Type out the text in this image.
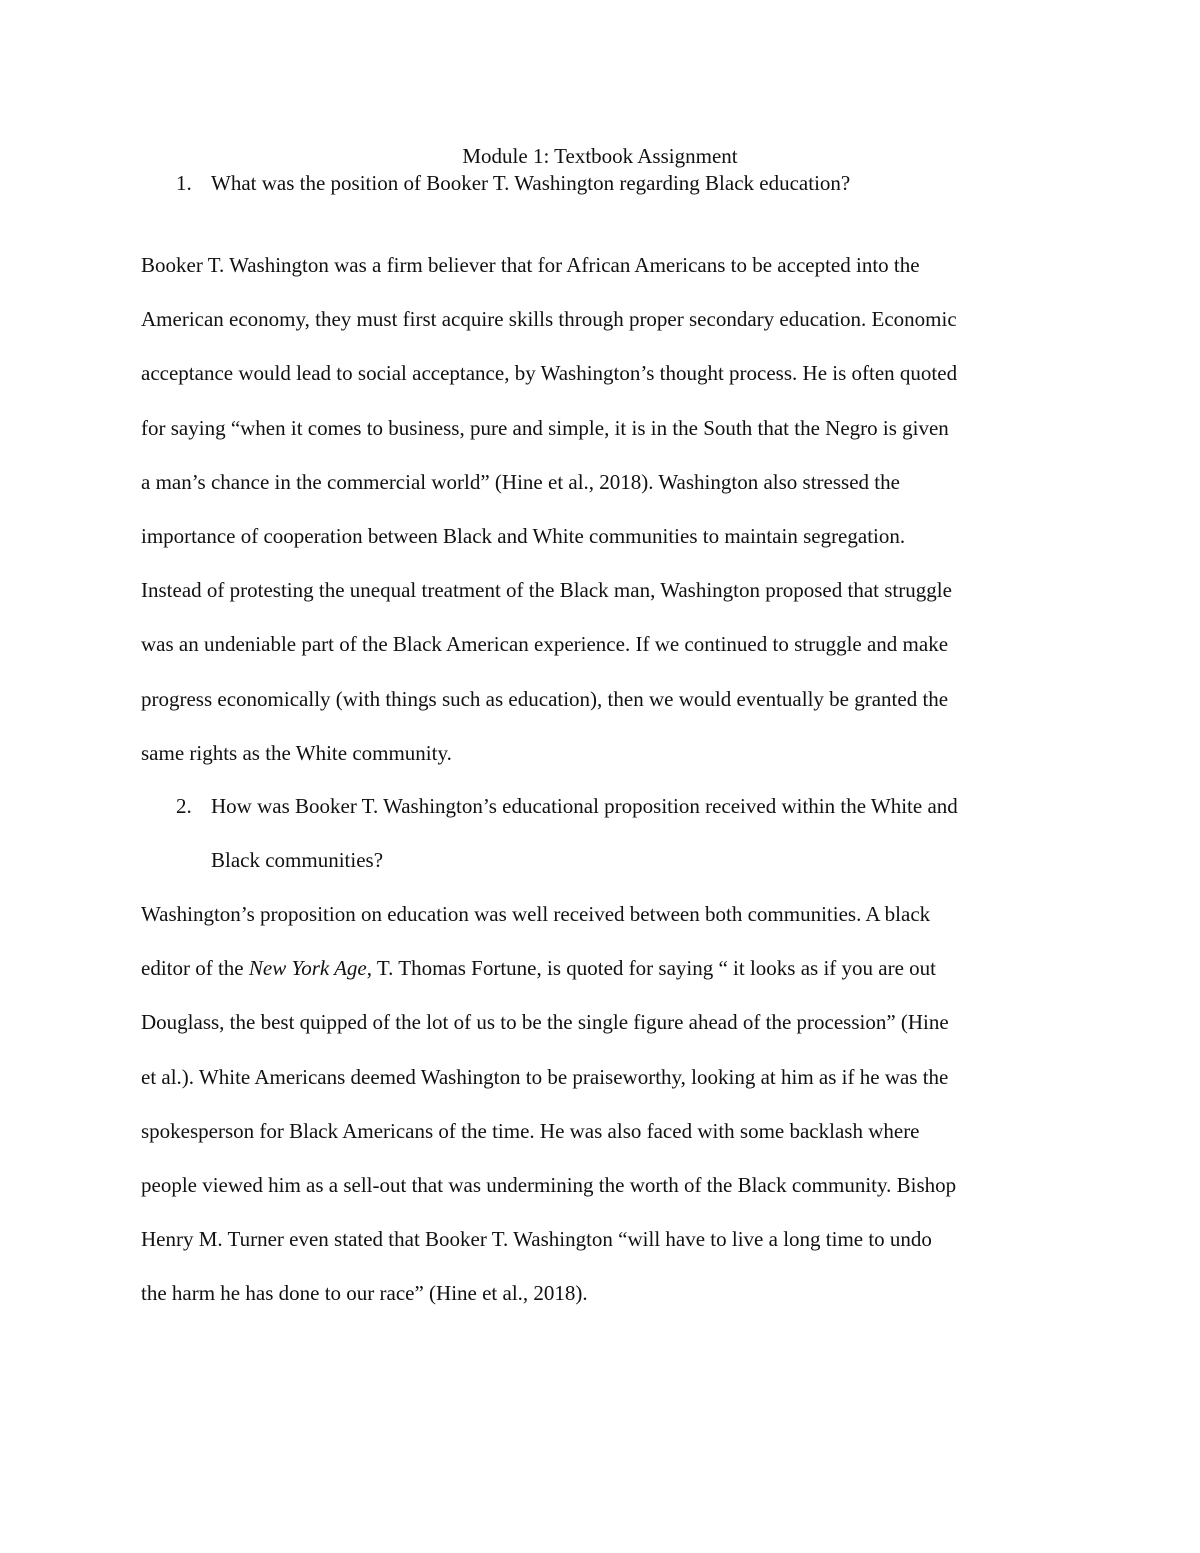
Module 1: Textbook Assignment
1. What was the position of Booker T. Washington regarding Black education?
Booker T. Washington was a firm believer that for African Americans to be accepted into the
American economy, they must first acquire skills through proper secondary education. Economic
acceptance would lead to social acceptance, by Washington’s thought process. He is often quoted
for saying “when it comes to business, pure and simple, it is in the South that the Negro is given
a man’s chance in the commercial world” (Hine et al., 2018). Washington also stressed the
importance of cooperation between Black and White communities to maintain segregation.
Instead of protesting the unequal treatment of the Black man, Washington proposed that struggle
was an undeniable part of the Black American experience. If we continued to struggle and make
progress economically (with things such as education), then we would eventually be granted the
same rights as the White community.
2. How was Booker T. Washington’s educational proposition received within the White and
Black communities?
Washington’s proposition on education was well received between both communities. A black
editor of the New York Age, T. Thomas Fortune, is quoted for saying “ it looks as if you are out
Douglass, the best quipped of the lot of us to be the single figure ahead of the procession” (Hine
et al.). White Americans deemed Washington to be praiseworthy, looking at him as if he was the
spokesperson for Black Americans of the time. He was also faced with some backlash where
people viewed him as a sell-out that was undermining the worth of the Black community. Bishop
Henry M. Turner even stated that Booker T. Washington “will have to live a long time to undo
the harm he has done to our race” (Hine et al., 2018).
